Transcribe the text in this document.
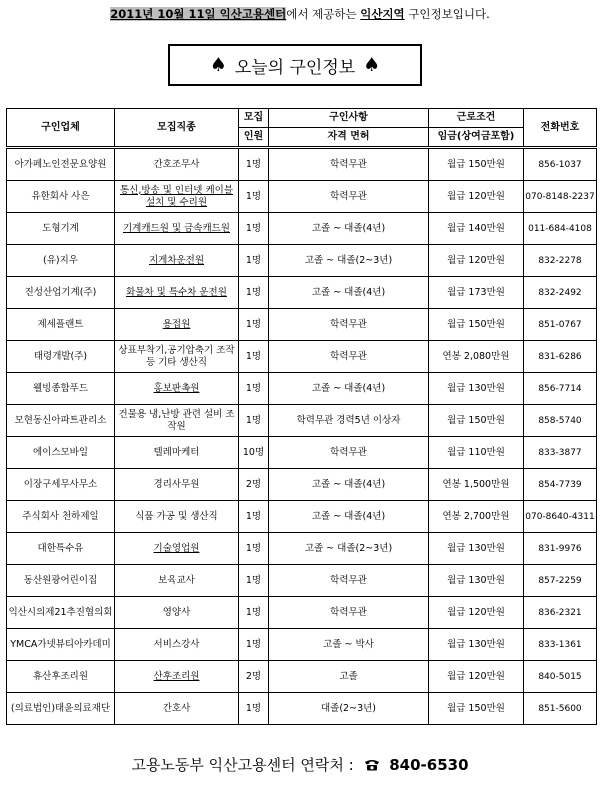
2011년 10월 11일 익산고용센터에서 제공하는 익산지역 구인정보입니다.
♠ 오늘의 구인정보 ♠
구인업체	모집직종	모집	구인사항	근로조건	전화번호
		인원	자격 면허	임금(상여금포함)	
아가페노인전문요양원	간호조무사	1명	학력무관	월급 150만원	856-1037
유한회사 사은	통신,방송 및 인터넷 케이블 설치 및 수리원	1명	학력무관	월급 120만원	070-8148-2237
도형기계	기계캐드원 및 금속캐드원	1명	고졸 ~ 대졸(4년)	월급 140만원	011-684-4108
(유)지우	지게차운전원	1명	고졸 ~ 대졸(2~3년)	월급 120만원	832-2278
진성산업기계(주)	화물차 및 특수차 운전원	1명	고졸 ~ 대졸(4년)	월급 173만원	832-2492
제세플랜트	용접원	1명	학력무관	월급 150만원	851-0767
태령개발(주)	상표부착기,공기압축기 조작 등 기타 생산직	1명	학력무관	연봉 2,080만원	831-6286
웰빙종합푸드	홍보판촉원	1명	고졸 ~ 대졸(4년)	월급 130만원	856-7714
모현동신아파트관리소	건물용 냉,난방 관련 설비 조작원	1명	학력무관 경력5년 이상자	월급 150만원	858-5740
에이스모바일	텔레마케터	10명	학력무관	월급 110만원	833-3877
이장구세무사무소	경리사무원	2명	고졸 ~ 대졸(4년)	연봉 1,500만원	854-7739
주식회사 천하제일	식품 가공 및 생산직	1명	고졸 ~ 대졸(4년)	연봉 2,700만원	070-8640-4311
대한특수유	기술영업원	1명	고졸 ~ 대졸(2~3년)	월급 130만원	831-9976
동산원광어린이집	보육교사	1명	학력무관	월급 130만원	857-2259
익산시의제21추진협의회	영양사	1명	학력무관	월급 120만원	836-2321
YMCA가넷뷰티아카데미	서비스강사	1명	고졸 ~ 박사	월급 130만원	833-1361
휴산후조리원	산후조리원	2명	고졸	월급 120만원	840-5015
(의료법인)태윤의료재단	간호사	1명	대졸(2~3년)	월급 150만원	851-5600
고용노동부 익산고용센터 연락처 : 840-6530
